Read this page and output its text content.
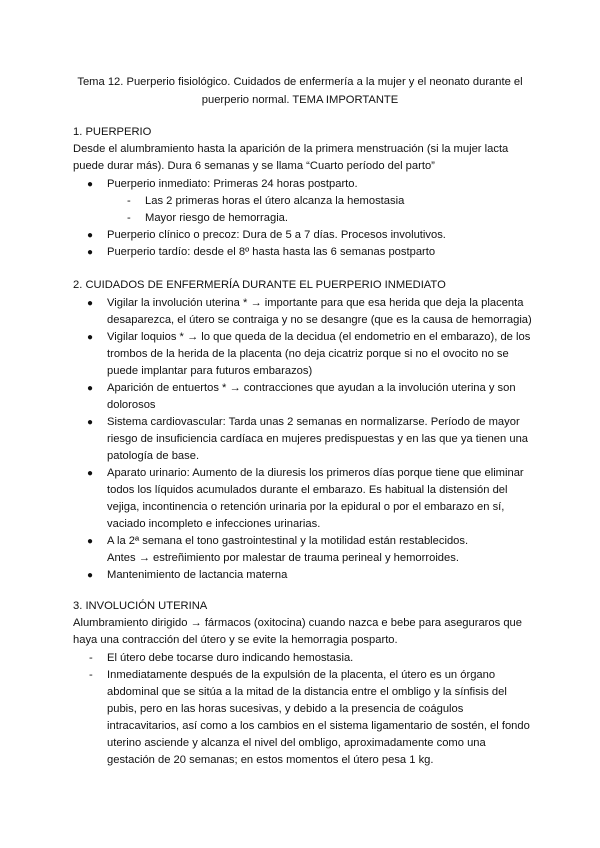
Tema 12. Puerperio fisiológico. Cuidados de enfermería a la mujer y el neonato durante el puerperio normal. TEMA IMPORTANTE
1. PUERPERIO
Desde el alumbramiento hasta la aparición de la primera menstruación (si la mujer lacta puede durar más). Dura 6 semanas y se llama “Cuarto período del parto”
● Puerperio inmediato: Primeras 24 horas postparto.
- Las 2 primeras horas el útero alcanza la hemostasia
- Mayor riesgo de hemorragia.
● Puerperio clínico o precoz: Dura de 5 a 7 días. Procesos involutivos.
● Puerperio tardío: desde el 8º hasta hasta las 6 semanas postparto
2. CUIDADOS DE ENFERMERÍA DURANTE EL PUERPERIO INMEDIATO
● Vigilar la involución uterina * → importante para que esa herida que deja la placenta desaparezca, el útero se contraiga y no se desangre (que es la causa de hemorragia)
● Vigilar loquios * → lo que queda de la decidua (el endometrio en el embarazo), de los trombos de la herida de la placenta (no deja cicatriz porque si no el ovocito no se puede implantar para futuros embarazos)
● Aparición de entuertos * → contracciones que ayudan a la involución uterina y son dolorosos
● Sistema cardiovascular: Tarda unas 2 semanas en normalizarse. Período de mayor riesgo de insuficiencia cardíaca en mujeres predispuestas y en las que ya tienen una patología de base.
● Aparato urinario: Aumento de la diuresis los primeros días porque tiene que eliminar todos los líquidos acumulados durante el embarazo. Es habitual la distensión del vejiga, incontinencia o retención urinaria por la epidural o por el embarazo en sí, vaciado incompleto e infecciones urinarias.
● A la 2ª semana el tono gastrointestinal y la motilidad están restablecidos.
Antes → estreñimiento por malestar de trauma perineal y hemorroides.
● Mantenimiento de lactancia materna
3. INVOLUCIÓN UTERINA
Alumbramiento dirigido → fármacos (oxitocina) cuando nazca e bebe para aseguraros que haya una contracción del útero y se evite la hemorragia posparto.
- El útero debe tocarse duro indicando hemostasia.
- Inmediatamente después de la expulsión de la placenta, el útero es un órgano abdominal que se sitúa a la mitad de la distancia entre el ombligo y la sínfisis del pubis, pero en las horas sucesivas, y debido a la presencia de coágulos intracavitarios, así como a los cambios en el sistema ligamentario de sostén, el fondo uterino asciende y alcanza el nivel del ombligo, aproximadamente como una gestación de 20 semanas; en estos momentos el útero pesa 1 kg.
